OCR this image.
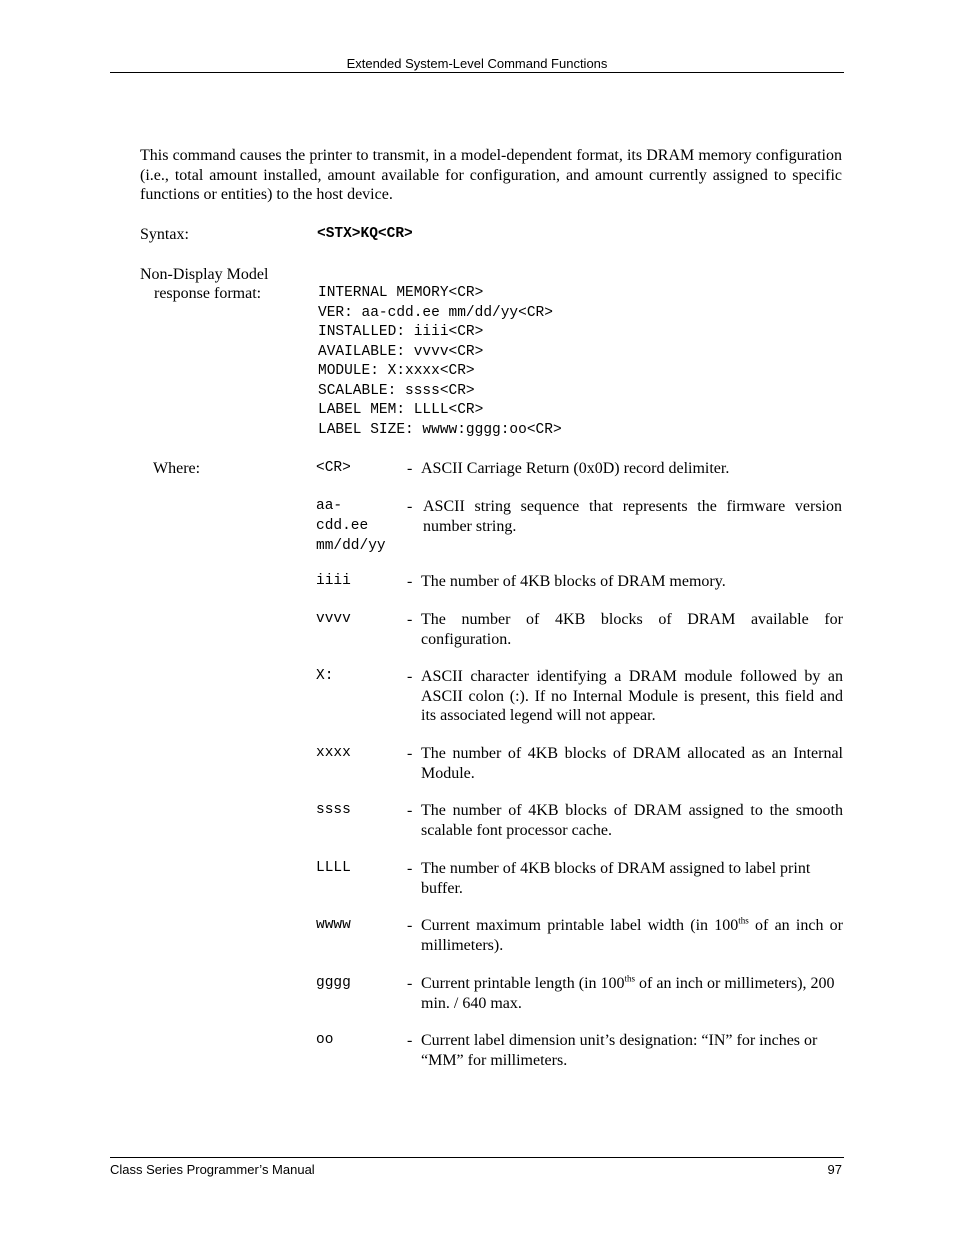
Extended System-Level Command Functions
This command causes the printer to transmit, in a model-dependent format, its DRAM memory configuration (i.e., total amount installed, amount available for configuration, and amount currently assigned to specific functions or entities) to the host device.
Syntax:	<STX>KQ<CR>
Non-Display Model
response format:	INTERNAL MEMORY<CR>
VER: aa-cdd.ee mm/dd/yy<CR>
INSTALLED: iiii<CR>
AVAILABLE: vvvv<CR>
MODULE: X:xxxx<CR>
SCALABLE: ssss<CR>
LABEL MEM: LLLL<CR>
LABEL SIZE: wwww:gggg:oo<CR>
Where:	<CR>	- ASCII Carriage Return (0x0D) record delimiter.
aa-
cdd.ee
mm/dd/yy
- ASCII string sequence that represents the firmware version number string.
iiii	- The number of 4KB blocks of DRAM memory.
vvvv	- The number of 4KB blocks of DRAM available for configuration.
X:	- ASCII character identifying a DRAM module followed by an ASCII colon (:). If no Internal Module is present, this field and its associated legend will not appear.
xxxx	- The number of 4KB blocks of DRAM allocated as an Internal  Module.
ssss	- The number of 4KB blocks of DRAM assigned to the smooth scalable font processor cache.
LLLL	- The number of 4KB blocks of DRAM assigned to label print buffer.
wwww	- Current maximum printable label width (in $100^{ths}$ of an inch or millimeters).
gggg	- Current printable length (in $100^{ths}$ of an inch or millimeters), 200 min. / 640 max.
oo	- Current label dimension unit’s designation: “IN” for inches or “MM” for millimeters.
Class Series Programmer’s Manual	97
